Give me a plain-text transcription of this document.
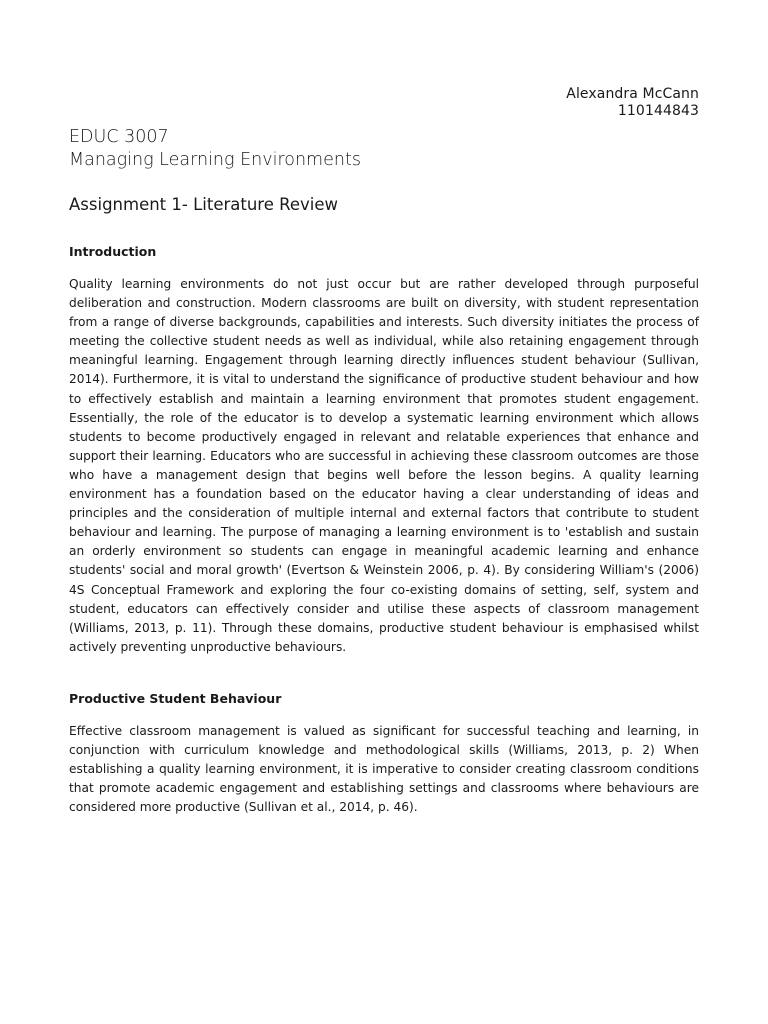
Alexandra McCann
110144843
EDUC 3007
Managing Learning Environments
Assignment 1- Literature Review
Introduction
Quality learning environments do not just occur but are rather developed through purposeful deliberation and construction. Modern classrooms are built on diversity, with student representation from a range of diverse backgrounds, capabilities and interests. Such diversity initiates the process of meeting the collective student needs as well as individual, while also retaining engagement through meaningful learning. Engagement through learning directly influences student behaviour (Sullivan, 2014). Furthermore, it is vital to understand the significance of productive student behaviour and how to effectively establish and maintain a learning environment that promotes student engagement. Essentially, the role of the educator is to develop a systematic learning environment which allows students to become productively engaged in relevant and relatable experiences that enhance and support their learning. Educators who are successful in achieving these classroom outcomes are those who have a management design that begins well before the lesson begins. A quality learning environment has a foundation based on the educator having a clear understanding of ideas and principles and the consideration of multiple internal and external factors that contribute to student behaviour and learning. The purpose of managing a learning environment is to 'establish and sustain an orderly environment so students can engage in meaningful academic learning and enhance students' social and moral growth' (Evertson & Weinstein 2006, p. 4). By considering William's (2006) 4S Conceptual Framework and exploring the four co-existing domains of setting, self, system and student, educators can effectively consider and utilise these aspects of classroom management (Williams, 2013, p. 11). Through these domains, productive student behaviour is emphasised whilst actively preventing unproductive behaviours.
Productive Student Behaviour
Effective classroom management is valued as significant for successful teaching and learning, in conjunction with curriculum knowledge and methodological skills (Williams, 2013, p. 2) When establishing a quality learning environment, it is imperative to consider creating classroom conditions that promote academic engagement and establishing settings and classrooms where behaviours are considered more productive (Sullivan et al., 2014, p. 46).
